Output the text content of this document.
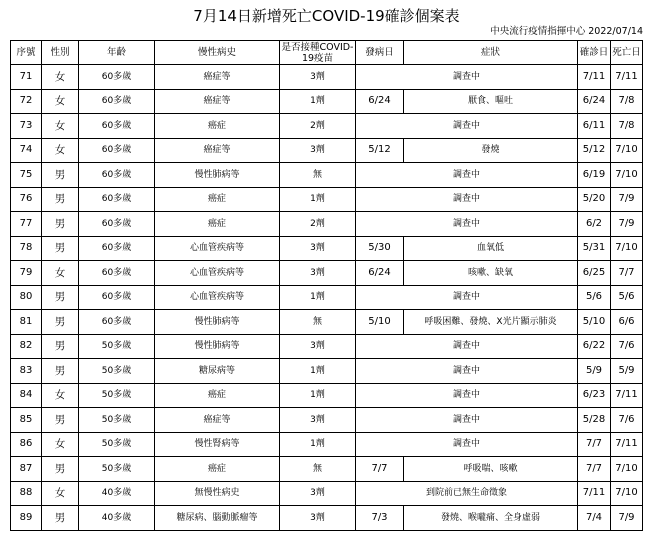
7月14日新增死亡COVID-19確診個案表
中央流行疫情指揮中心 2022/07/14
序號	性別	年齡	慢性病史	是否接種COVID-
19疫苗	發病日	症狀	確診日	死亡日
71	女	60多歲	癌症等	3劑	調查中		7/11	7/11
72	女	60多歲	癌症等	1劑	6/24	厭食、嘔吐	6/24	7/8
73	女	60多歲	癌症	2劑	調查中		6/11	7/8
74	女	60多歲	癌症等	3劑	5/12	發燒	5/12	7/10
75	男	60多歲	慢性肺病等	無	調查中		6/19	7/10
76	男	60多歲	癌症	1劑	調查中		5/20	7/9
77	男	60多歲	癌症	2劑	調查中		6/2	7/9
78	男	60多歲	心血管疾病等	3劑	5/30	血氧低	5/31	7/10
79	女	60多歲	心血管疾病等	3劑	6/24	咳嗽、缺氧	6/25	7/7
80	男	60多歲	心血管疾病等	1劑	調查中		5/6	5/6
81	男	60多歲	慢性肺病等	無	5/10	呼吸困難、發燒、X光片顯示肺炎	5/10	6/6
82	男	50多歲	慢性肺病等	3劑	調查中		6/22	7/6
83	男	50多歲	糖尿病等	1劑	調查中		5/9	5/9
84	女	50多歲	癌症	1劑	調查中		6/23	7/11
85	男	50多歲	癌症等	3劑	調查中		5/28	7/6
86	女	50多歲	慢性腎病等	1劑	調查中		7/7	7/11
87	男	50多歲	癌症	無	7/7	呼吸喘、咳嗽	7/7	7/10
88	女	40多歲	無慢性病史	3劑	到院前已無生命徵象		7/11	7/10
89	男	40多歲	糖尿病、腦動脈瘤等	3劑	7/3	發燒、喉嚨痛、全身虛弱	7/4	7/9
